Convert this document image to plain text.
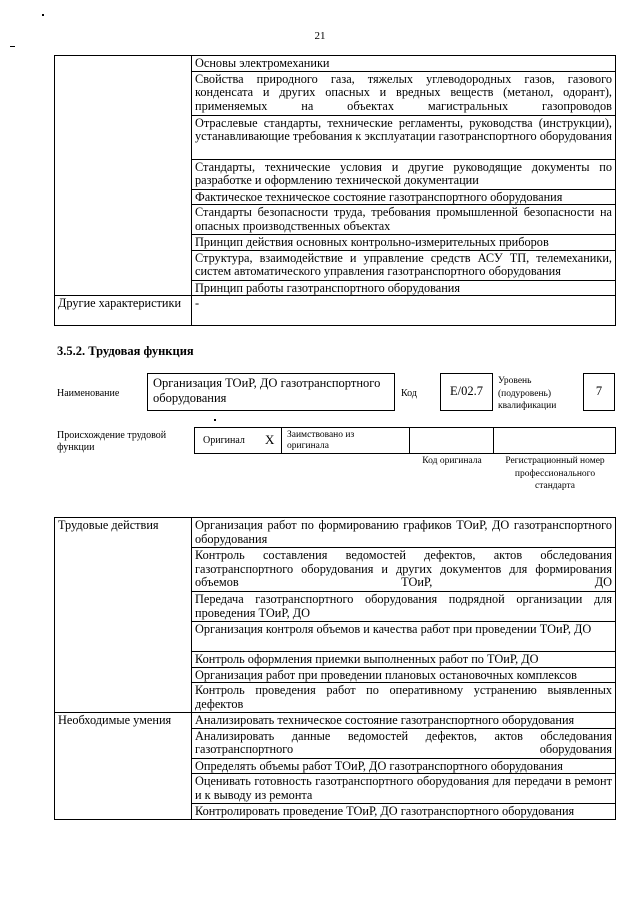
21
	Основы электромеханики
	Свойства природного газа, тяжелых углеводородных газов, газового конденсата и других опасных и вредных веществ (метанол, одорант), применяемых на объектах магистральных газопроводов
	Отраслевые стандарты, технические регламенты, руководства (инструкции), устанавливающие требования к эксплуатации газотранспортного оборудования
	Стандарты, технические условия и другие руководящие документы по разработке и оформлению технической документации
	Фактическое техническое состояние газотранспортного оборудования
	Стандарты безопасности труда, требования промышленной безопасности на опасных производственных объектах
	Принцип действия основных контрольно-измерительных приборов
	Структура, взаимодействие и управление средств АСУ ТП, телемеханики, систем автоматического управления газотранспортного оборудования
	Принцип работы газотранспортного оборудования
Другие характеристики	-
3.5.2. Трудовая функция
Наименование
Организация ТОиР, ДО газотранспортного оборудования	Код	E/02.7
Уровень (подуровень) квалификации
7
Происхождение трудовой функции
Оригинал X Заимствовано из оригинала
Код оригинала	Регистрационный номер профессионального стандарта
Трудовые действия	Организация работ по формированию графиков ТОиР, ДО газотранспортного оборудования
	Контроль составления ведомостей дефектов, актов обследования газотранспортного оборудования и других документов для формирования объемов ТОиР, ДО
	Передача газотранспортного оборудования подрядной организации для проведения ТОиР, ДО
	Организация контроля объемов и качества работ при проведении ТОиР, ДО
	Контроль оформления приемки выполненных работ по ТОиР, ДО
	Организация работ при проведении плановых остановочных комплексов
	Контроль проведения работ по оперативному устранению выявленных дефектов
Необходимые умения	Анализировать техническое состояние газотранспортного оборудования
	Анализировать данные ведомостей дефектов, актов обследования газотранспортного оборудования
	Определять объемы работ ТОиР, ДО газотранспортного оборудования
	Оценивать готовность газотранспортного оборудования для передачи в ремонт и к выводу из ремонта
	Контролировать проведение ТОиР, ДО газотранспортного оборудования
